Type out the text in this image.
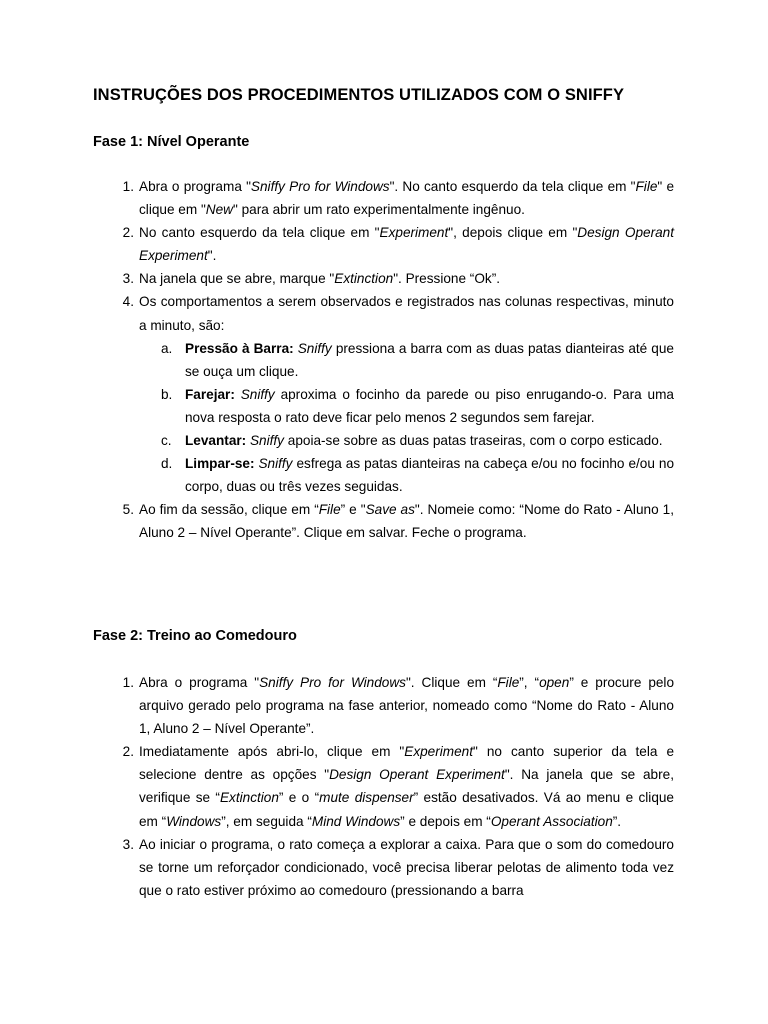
INSTRUÇÕES DOS PROCEDIMENTOS UTILIZADOS COM O SNIFFY
Fase 1: Nível Operante
1. Abra o programa "Sniffy Pro for Windows". No canto esquerdo da tela clique em "File" e clique em "New" para abrir um rato experimentalmente ingênuo.
2. No canto esquerdo da tela clique em "Experiment", depois clique em "Design Operant Experiment".
3. Na janela que se abre, marque "Extinction". Pressione “Ok”.
4. Os comportamentos a serem observados e registrados nas colunas respectivas, minuto a minuto, são:
a. Pressão à Barra: Sniffy pressiona a barra com as duas patas dianteiras até que se ouça um clique.
b. Farejar: Sniffy aproxima o focinho da parede ou piso enrugando-o. Para uma nova resposta o rato deve ficar pelo menos 2 segundos sem farejar.
c. Levantar: Sniffy apoia-se sobre as duas patas traseiras, com o corpo esticado.
d. Limpar-se: Sniffy esfrega as patas dianteiras na cabeça e/ou no focinho e/ou no corpo, duas ou três vezes seguidas.
5. Ao fim da sessão, clique em “File” e "Save as". Nomeie como: “Nome do Rato - Aluno 1, Aluno 2 – Nível Operante”. Clique em salvar. Feche o programa.
Fase 2: Treino ao Comedouro
1. Abra o programa "Sniffy Pro for Windows". Clique em “File”, “open” e procure pelo arquivo gerado pelo programa na fase anterior, nomeado como “Nome do Rato - Aluno 1, Aluno 2 – Nível Operante”.
2. Imediatamente após abri-lo, clique em "Experiment" no canto superior da tela e selecione dentre as opções "Design Operant Experiment". Na janela que se abre, verifique se “Extinction” e o “mute dispenser” estão desativados. Vá ao menu e clique em “Windows”, em seguida “Mind Windows” e depois em “Operant Association”.
3. Ao iniciar o programa, o rato começa a explorar a caixa. Para que o som do comedouro se torne um reforçador condicionado, você precisa liberar pelotas de alimento toda vez que o rato estiver próximo ao comedouro (pressionando a barra
